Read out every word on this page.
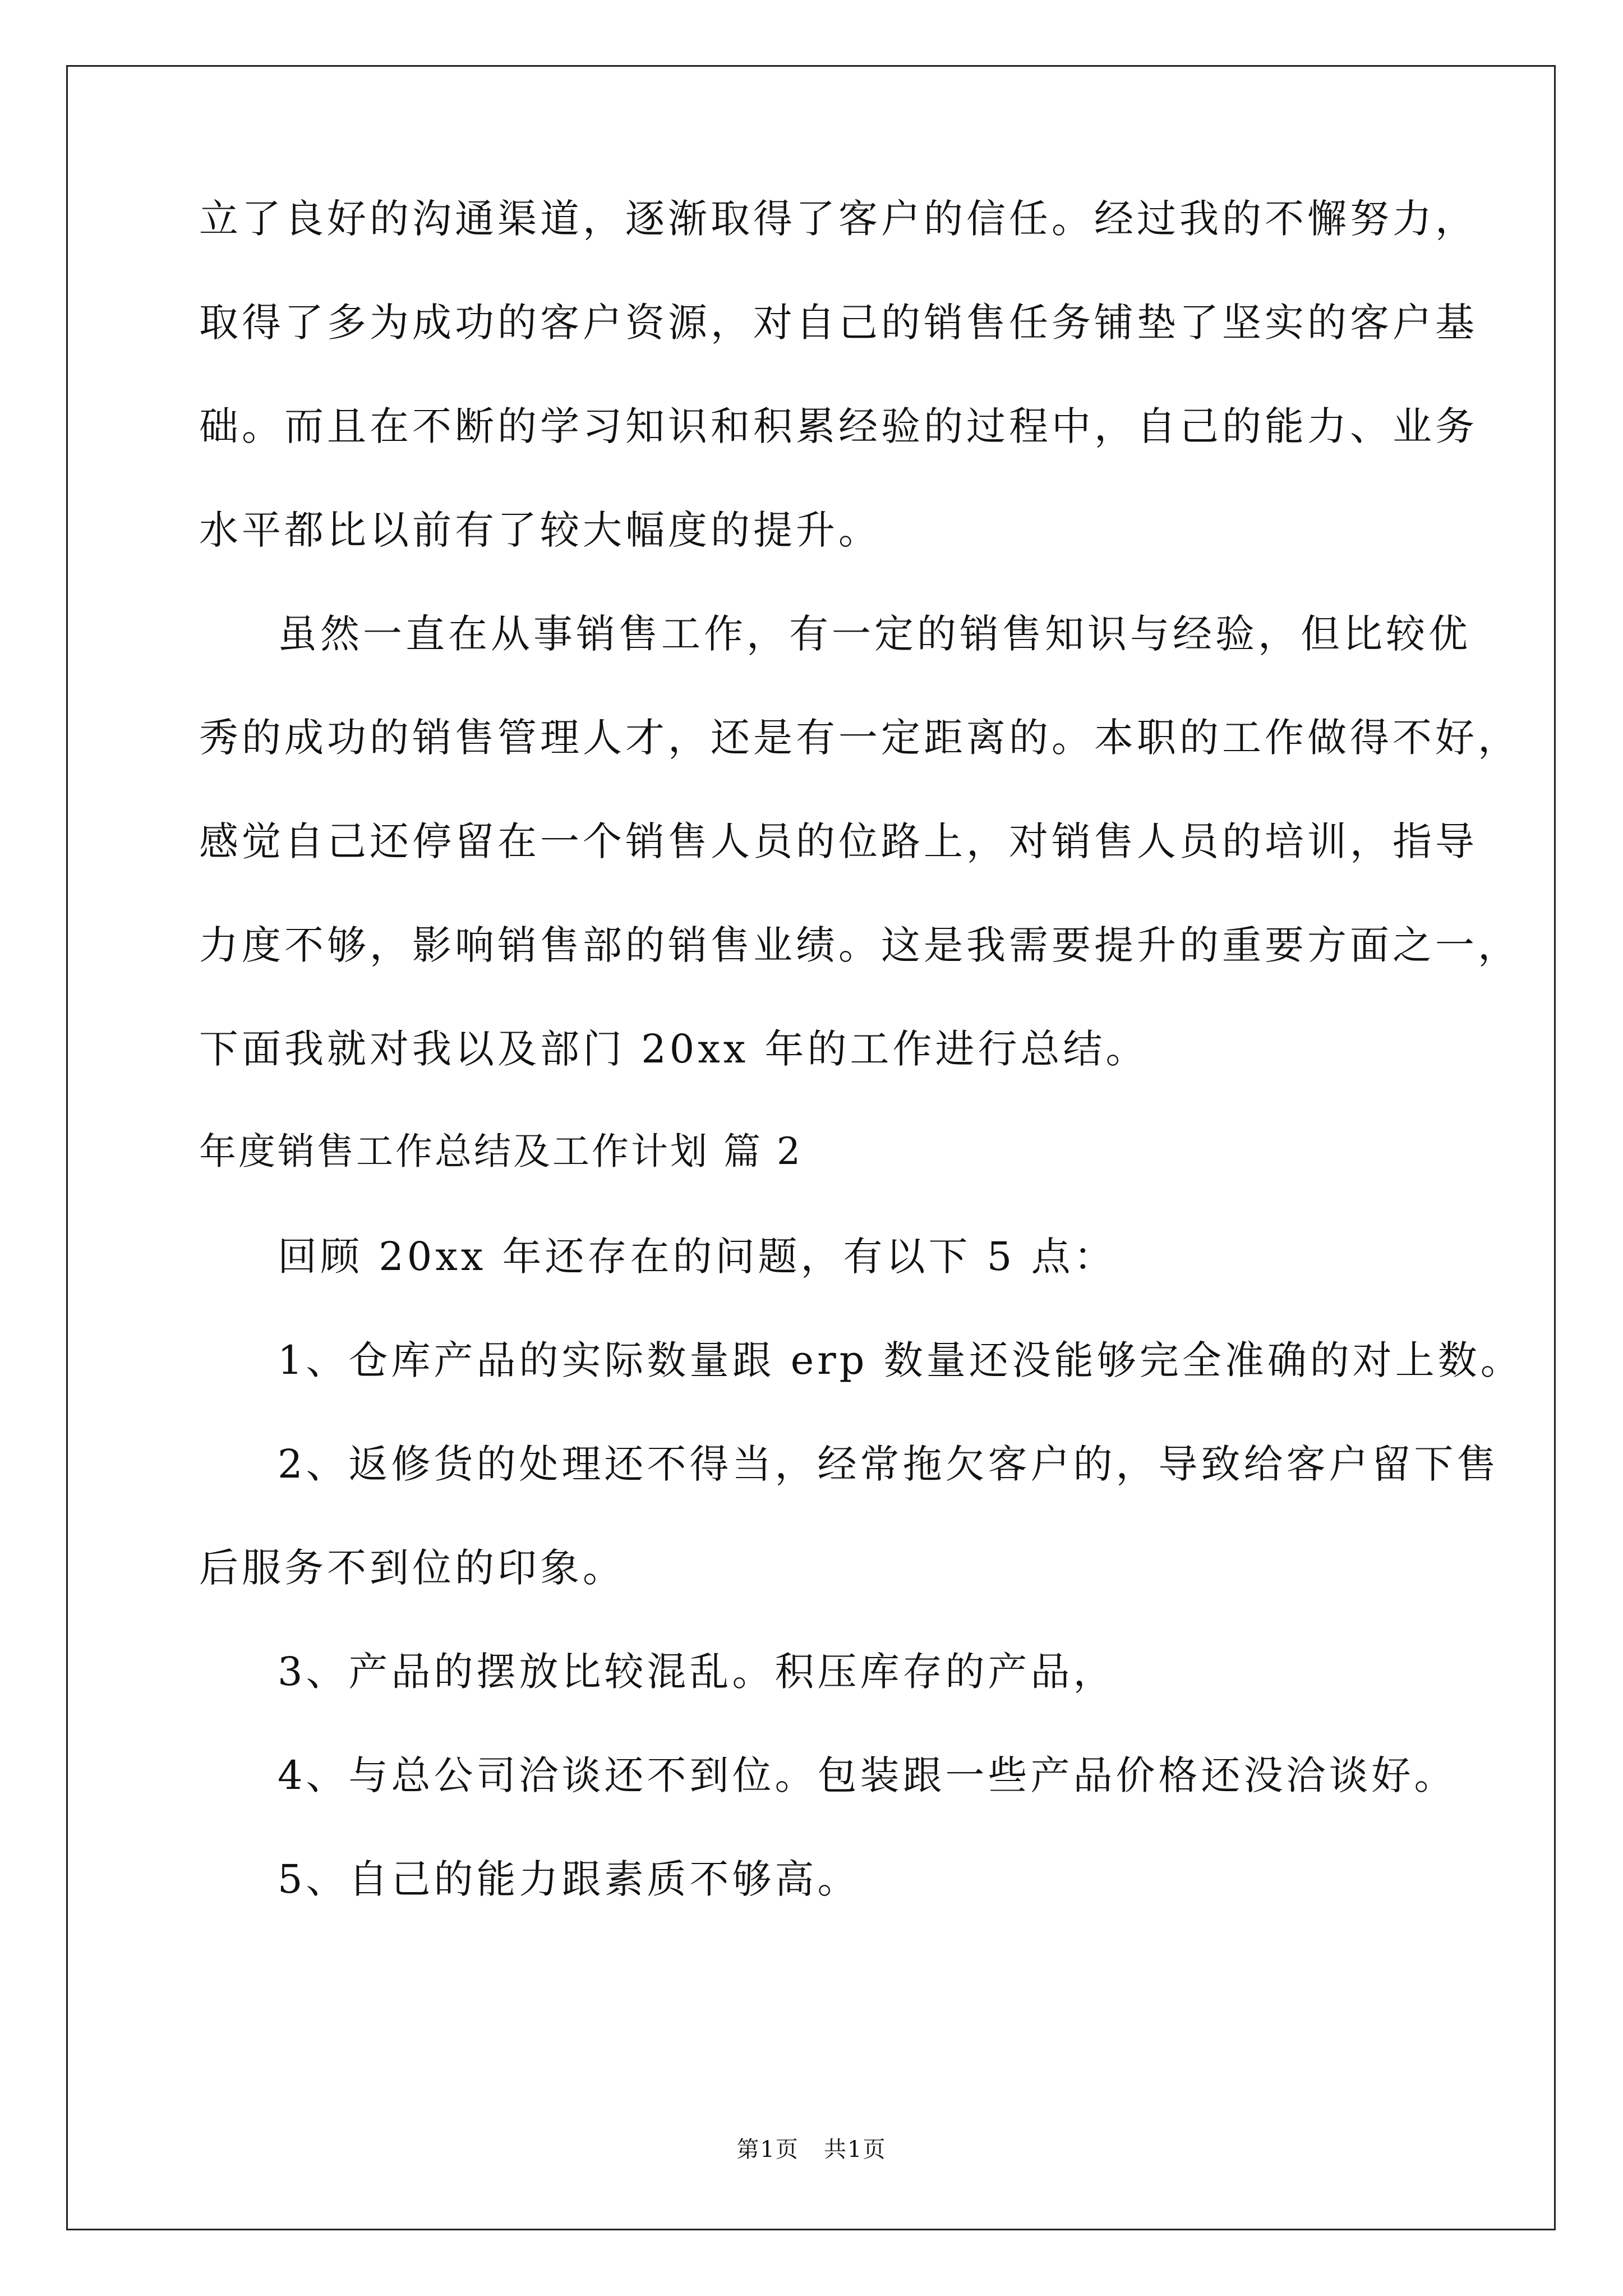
立了良好的沟通渠道，逐渐取得了客户的信任。经过我的不懈努力，
取得了多为成功的客户资源，对自己的销售任务铺垫了坚实的客户基
础。而且在不断的学习知识和积累经验的过程中，自己的能力、业务
水平都比以前有了较大幅度的提升。
虽然一直在从事销售工作，有一定的销售知识与经验，但比较优
秀的成功的销售管理人才，还是有一定距离的。本职的工作做得不好，
感觉自己还停留在一个销售人员的位路上，对销售人员的培训，指导
力度不够，影响销售部的销售业绩。这是我需要提升的重要方面之一，
下面我就对我以及部门 20xx 年的工作进行总结。
年度销售工作总结及工作计划 篇 2
回顾 20xx 年还存在的问题，有以下 5 点：
1、仓库产品的实际数量跟 erp 数量还没能够完全准确的对上数。
2、返修货的处理还不得当，经常拖欠客户的，导致给客户留下售
后服务不到位的印象。
3、产品的摆放比较混乱。积压库存的产品，
4、与总公司洽谈还不到位。包装跟一些产品价格还没洽谈好。
5、自己的能力跟素质不够高。
第1页   共1页
